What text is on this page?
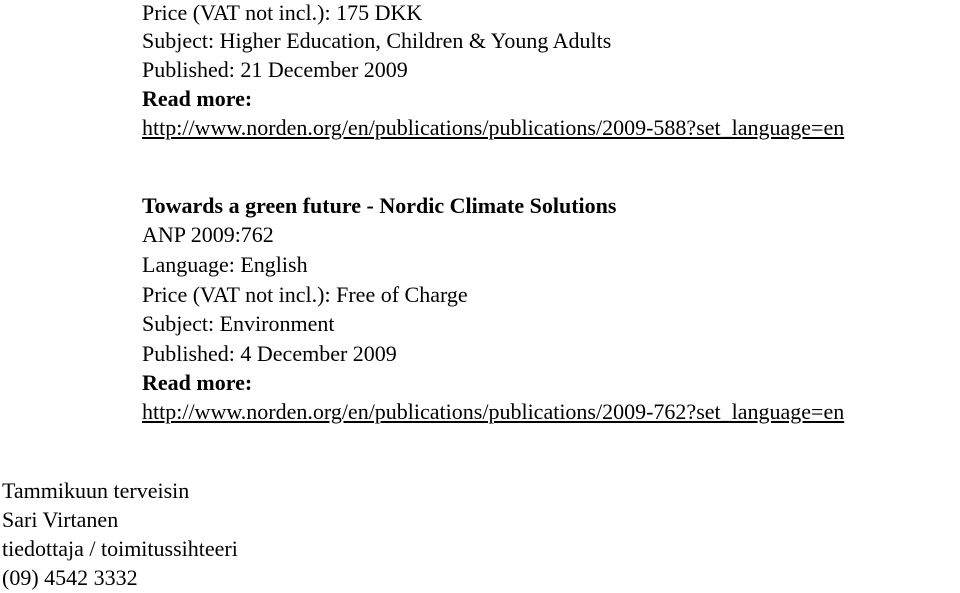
Price (VAT not incl.): 175 DKK

Subject: Higher Education, Children & Young Adults

Published: 21 December 2009

Read more:

http://www.norden.org/en/publications/publications/2009-588?set_language=en

Towards a green future - Nordic Climate Solutions

ANP 2009:762

Language: English

Price (VAT not incl.): Free of Charge

Subject: Environment

Published: 4 December 2009

Read more:

http://www.norden.org/en/publications/publications/2009-762?set_language=en

Tammikuun terveisin

Sari Virtanen

tiedottaja / toimitussihteeri

(09) 4542 3332
